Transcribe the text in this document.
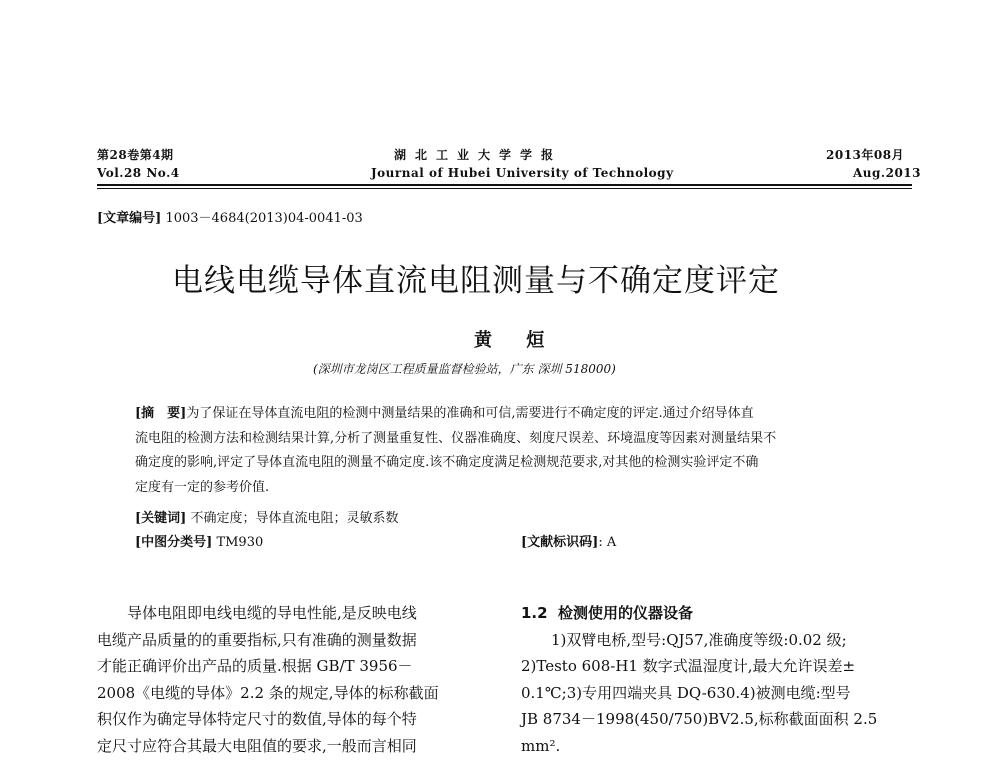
第28卷第4期
Vol.28 No.4
湖北工业大学学报
Journal of Hubei University of Technology
2013年08月
Aug.2013
[文章编号] 1003－4684(2013)04-0041-03
电线电缆导体直流电阻测量与不确定度评定
黄 烜
(深圳市龙岗区工程质量监督检验站，广东 深圳 518000)
[摘　要]为了保证在导体直流电阻的检测中测量结果的准确和可信,需要进行不确定度的评定.通过介绍导体直
流电阻的检测方法和检测结果计算,分析了测量重复性、仪器准确度、刻度尺误差、环境温度等因素对测量结果不
确定度的影响,评定了导体直流电阻的测量不确定度.该不确定度满足检测规范要求,对其他的检测实验评定不确
定度有一定的参考价值.
[关键词] 不确定度；导体直流电阻；灵敏系数
[中图分类号] TM930	[文献标识码]: A
导体电阻即电线电缆的导电性能,是反映电线
电缆产品质量的的重要指标,只有准确的测量数据
才能正确评价出产品的质量.根据 GB/T 3956－
2008《电缆的导体》2.2 条的规定,导体的标称截面
积仅作为确定导体特定尺寸的数值,导体的每个特
定尺寸应符合其最大电阻值的要求,一般而言相同
1.2 检测使用的仪器设备
1)双臂电桥,型号:QJ57,准确度等级:0.02 级;
2)Testo 608-H1 数字式温湿度计,最大允许误差±
0.1℃;3)专用四端夹具 DQ-630.4)被测电缆:型号
JB 8734－1998(450/750)BV2.5,标称截面面积 2.5
mm².
